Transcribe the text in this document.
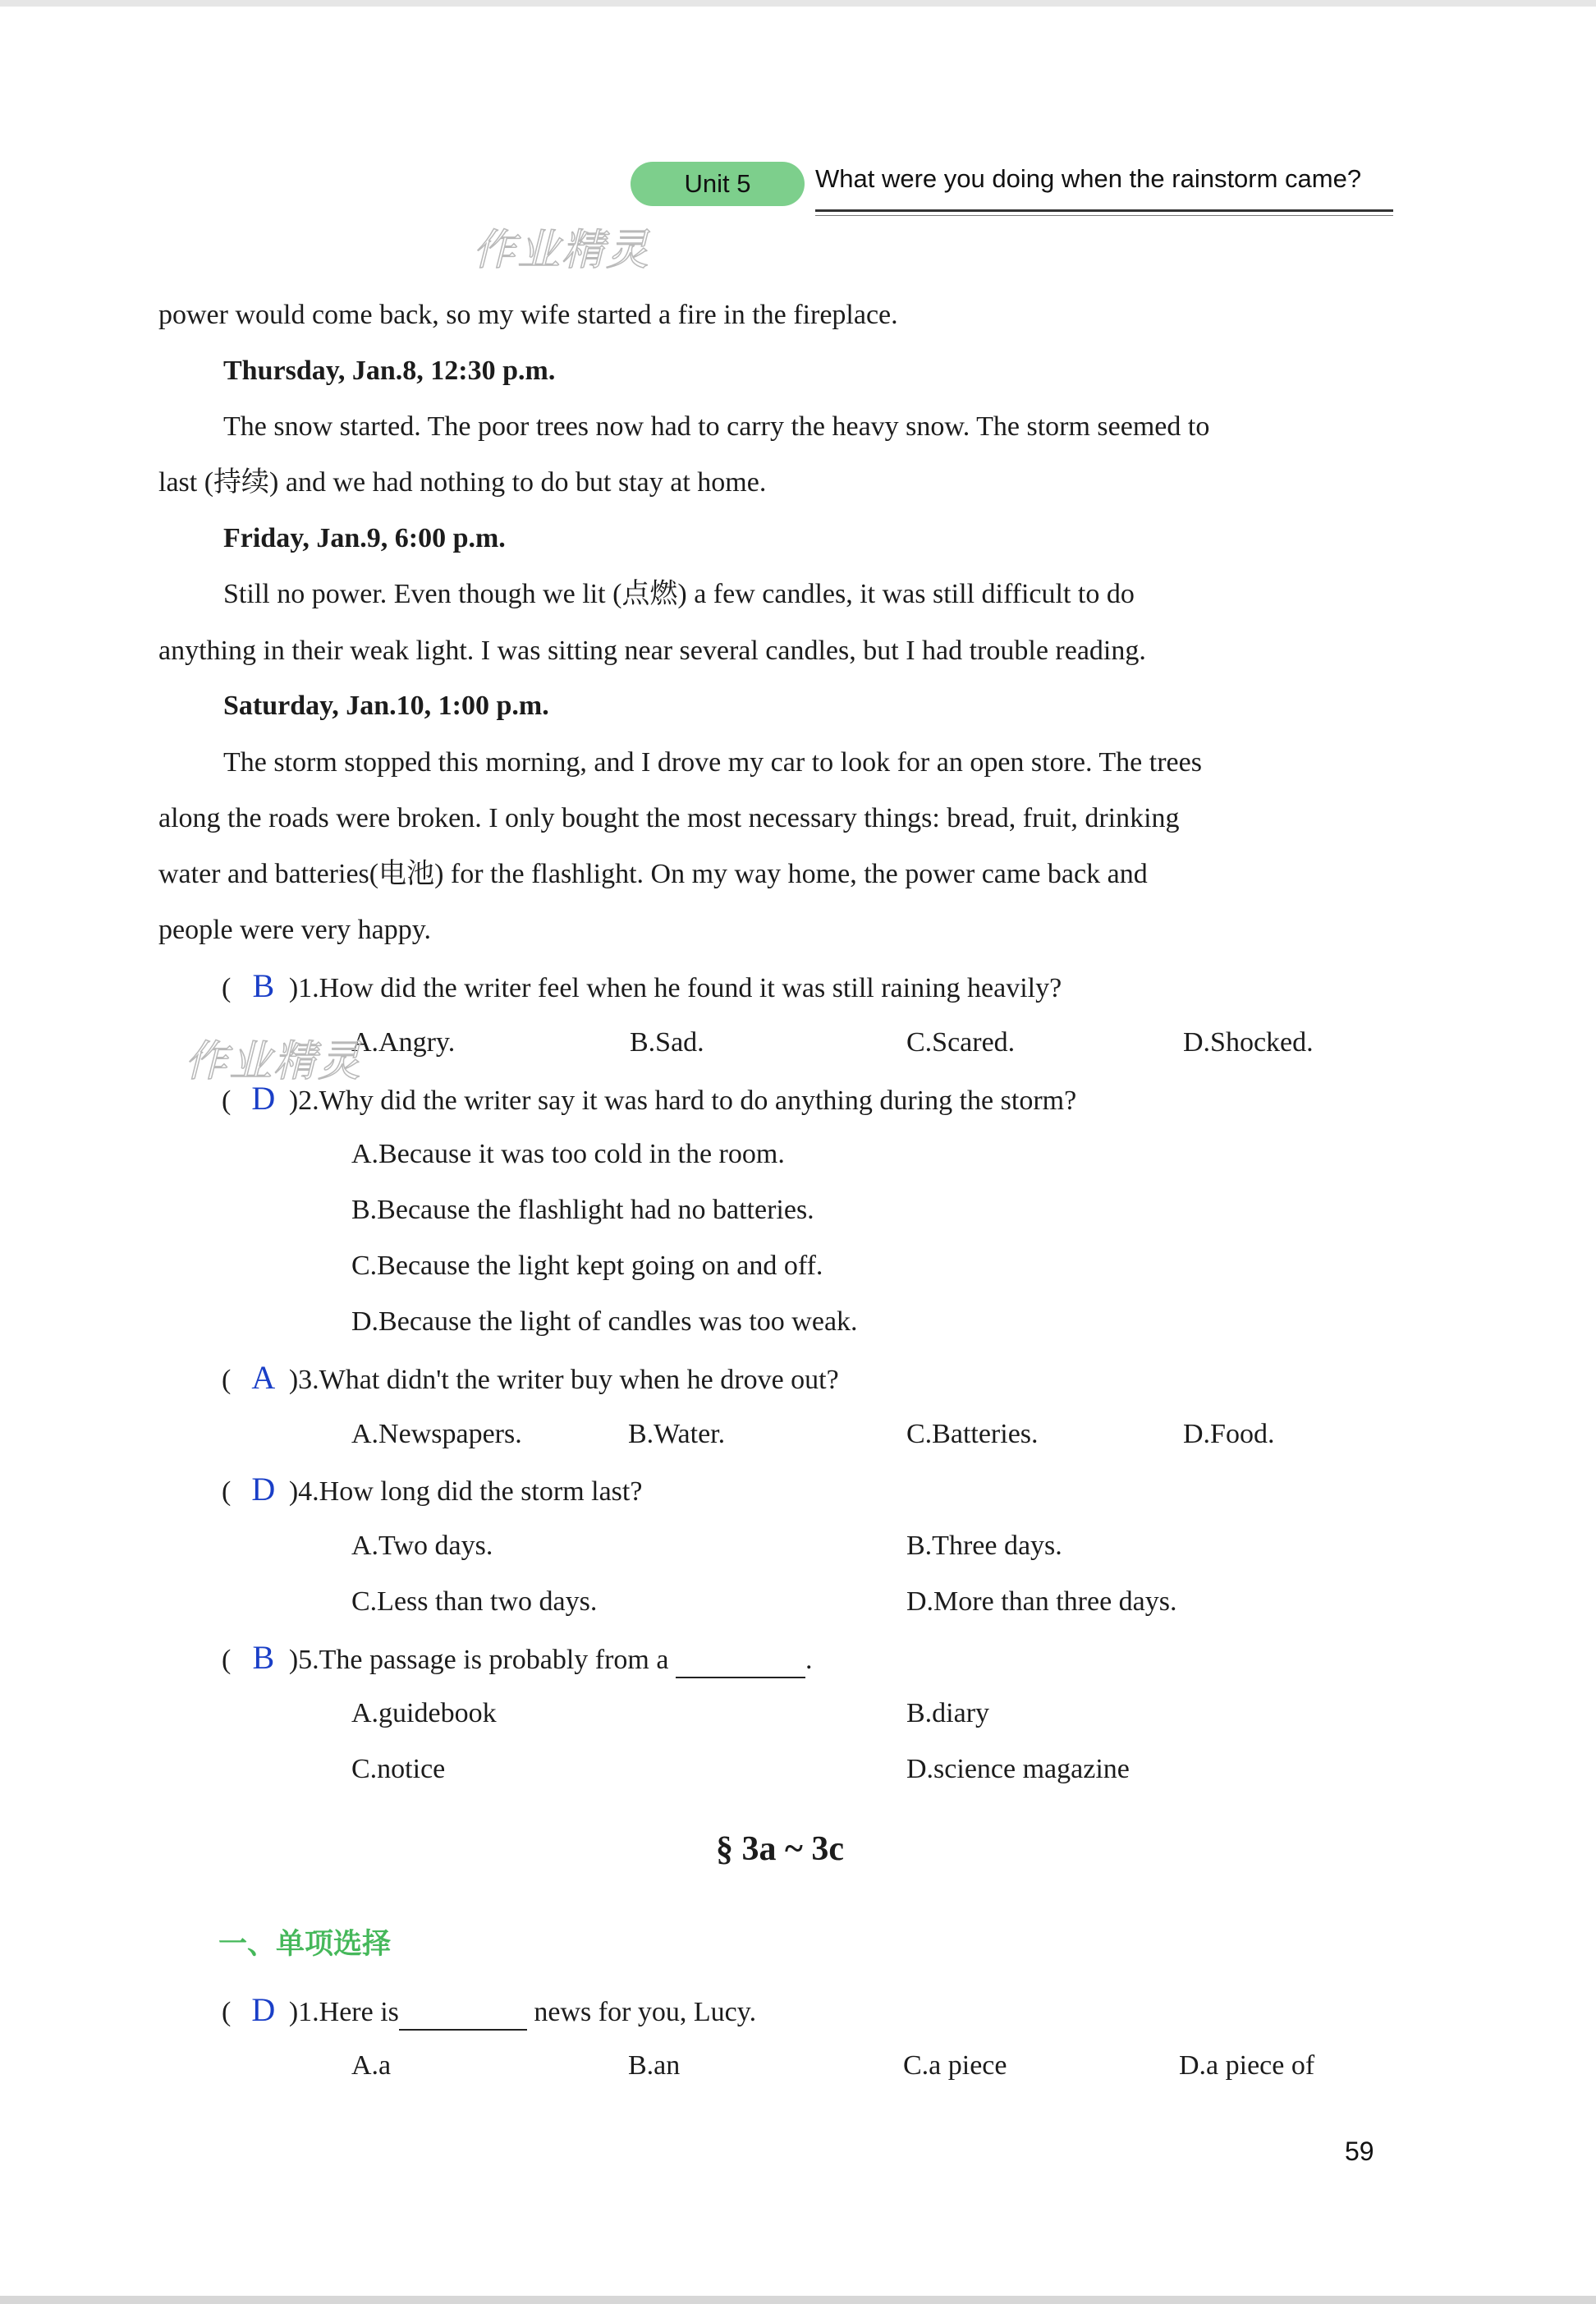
Unit 5	What were you doing when the rainstorm came?
作业精灵
power would come back, so my wife started a fire in the fireplace.
Thursday, Jan.8, 12:30 p.m.
The snow started. The poor trees now had to carry the heavy snow. The storm seemed to
last (持续) and we had nothing to do but stay at home.
Friday, Jan.9, 6:00 p.m.
Still no power. Even though we lit (点燃) a few candles, it was still difficult to do
anything in their weak light. I was sitting near several candles, but I had trouble reading.
Saturday, Jan.10, 1:00 p.m.
The storm stopped this morning, and I drove my car to look for an open store. The trees
along the roads were broken. I only bought the most necessary things: bread, fruit, drinking
water and batteries(电池) for the flashlight. On my way home, the power came back and
people were very happy.
( B )1.How did the writer feel when he found it was still raining heavily?
A.Angry.	B.Sad.	C.Scared.	D.Shocked.
作业精灵
( D )2.Why did the writer say it was hard to do anything during the storm?
A.Because it was too cold in the room.
B.Because the flashlight had no batteries.
C.Because the light kept going on and off.
D.Because the light of candles was too weak.
( A )3.What didn't the writer buy when he drove out?
A.Newspapers.	B.Water.	C.Batteries.	D.Food.
( D )4.How long did the storm last?
A.Two days.	B.Three days.
C.Less than two days.	D.More than three days.
( B )5.The passage is probably from a	.
A.guidebook	B.diary
C.notice	D.science magazine
§ 3a ~ 3c
一、单项选择
( D )1.Here is	news for you, Lucy.
A.a	B.an	C.a piece	D.a piece of
59
